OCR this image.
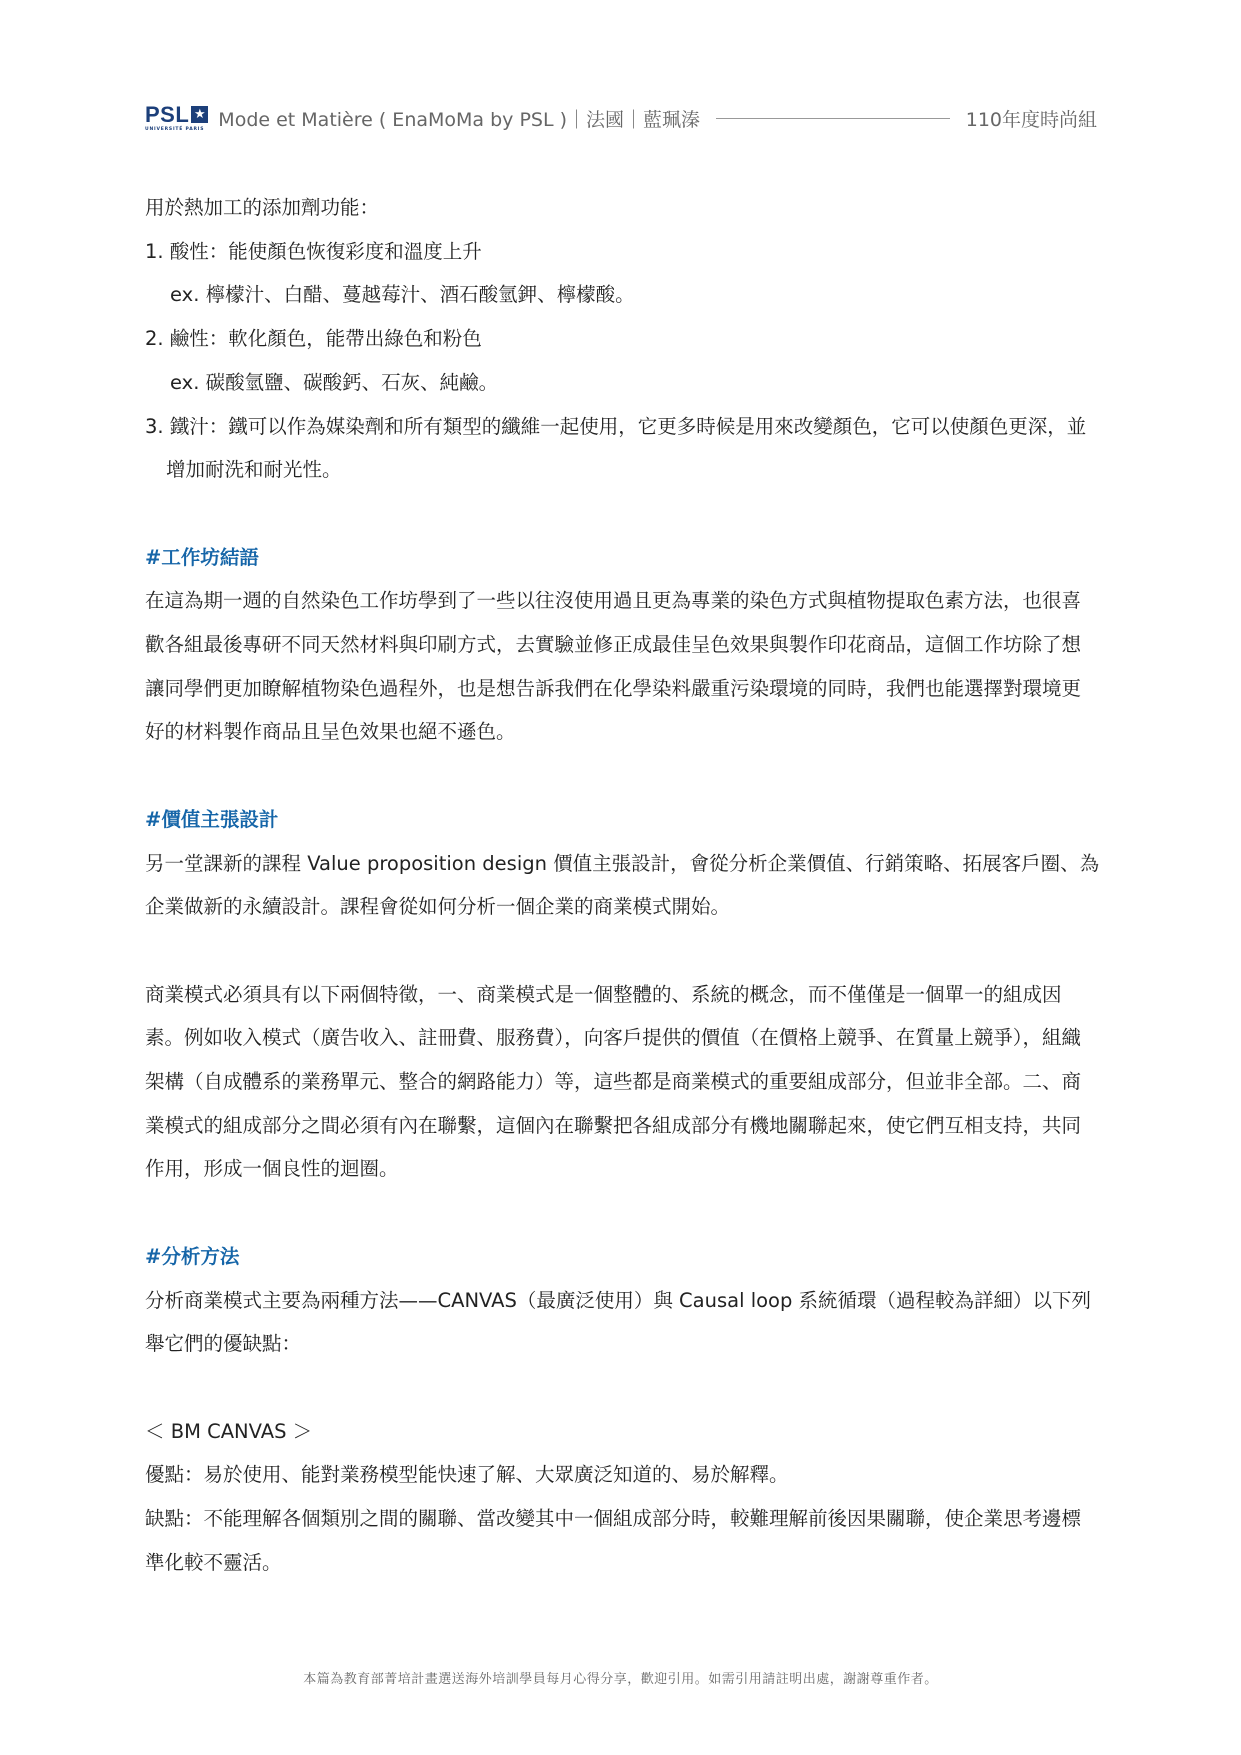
PSL ★
UNIVERSITÉ PARIS Mode et Matière ( EnaMoMa by PSL )｜法國｜藍珮溱	110年度時尚組

用於熱加工的添加劑功能：

1. 酸性：能使顏色恢復彩度和溫度上升

ex. 檸檬汁、白醋、蔓越莓汁、酒石酸氫鉀、檸檬酸。

2. 鹼性：軟化顏色，能帶出綠色和粉色

ex. 碳酸氫鹽、碳酸鈣、石灰、純鹼。

3. 鐵汁：鐵可以作為媒染劑和所有類型的纖維一起使用，它更多時候是用來改變顏色，它可以使顏色更深，並增加耐洗和耐光性。

#工作坊結語

在這為期一週的自然染色工作坊學到了一些以往沒使用過且更為專業的染色方式與植物提取色素方法，也很喜歡各組最後專研不同天然材料與印刷方式，去實驗並修正成最佳呈色效果與製作印花商品，這個工作坊除了想讓同學們更加瞭解植物染色過程外，也是想告訴我們在化學染料嚴重污染環境的同時，我們也能選擇對環境更好的材料製作商品且呈色效果也絕不遜色。

#價值主張設計

另一堂課新的課程 Value proposition design 價值主張設計，會從分析企業價值、行銷策略、拓展客戶圈、為企業做新的永續設計。課程會從如何分析一個企業的商業模式開始。

商業模式必須具有以下兩個特徵，一、商業模式是一個整體的、系統的概念，而不僅僅是一個單一的組成因素。例如收入模式（廣告收入、註冊費、服務費），向客戶提供的價值（在價格上競爭、在質量上競爭），組織架構（自成體系的業務單元、整合的網路能力）等，這些都是商業模式的重要組成部分，但並非全部。二、商業模式的組成部分之間必須有內在聯繫，這個內在聯繫把各組成部分有機地關聯起來，使它們互相支持，共同作用，形成一個良性的迴圈。

#分析方法

分析商業模式主要為兩種方法——CANVAS（最廣泛使用）與 Causal loop 系統循環（過程較為詳細）以下列舉它們的優缺點：

＜ BM CANVAS ＞

優點：易於使用、能對業務模型能快速了解、大眾廣泛知道的、易於解釋。

缺點：不能理解各個類別之間的關聯、當改變其中一個組成部分時，較難理解前後因果關聯，使企業思考邊標準化較不靈活。

本篇為教育部菁培計畫選送海外培訓學員每月心得分享，歡迎引用。如需引用請註明出處，謝謝尊重作者。
